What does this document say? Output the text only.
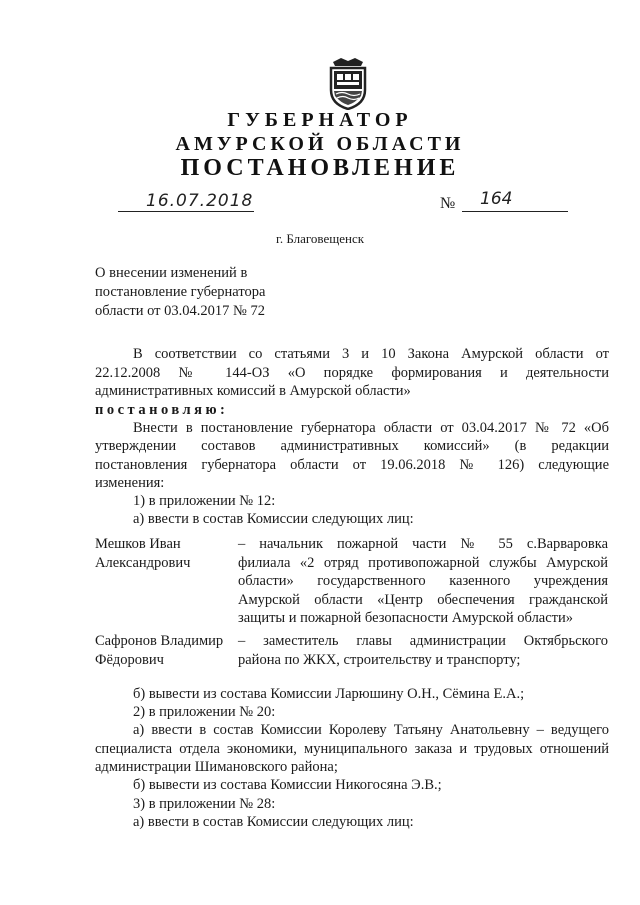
ГУБЕРНАТОР
АМУРСКОЙ ОБЛАСТИ
ПОСТАНОВЛЕНИЕ
16.07.2018	№ 164
г. Благовещенск
О внесении изменений в
постановление губернатора
области от 03.04.2017 № 72
В соответствии со статьями 3 и 10 Закона Амурской области от
22.12.2008 № 144-ОЗ «О порядке формирования и деятельности
административных комиссий в Амурской области»
постановляю:
Внести в постановление губернатора области от 03.04.2017 № 72 «Об
утверждении составов административных комиссий» (в редакции
постановления губернатора области от 19.06.2018 № 126) следующие
изменения:
1) в приложении № 12:
а) ввести в состав Комиссии следующих лиц:
Мешков Иван
Александрович
– начальник пожарной части № 55 с.Варваровка
филиала «2 отряд противопожарной службы Амурской
области» государственного казенного учреждения
Амурской области «Центр обеспечения гражданской
защиты и пожарной безопасности Амурской области»
Сафронов Владимир
Фёдорович
– заместитель главы администрации Октябрьского
района по ЖКХ, строительству и транспорту;
б) вывести из состава Комиссии Ларюшину О.Н., Сёмина Е.А.;
2) в приложении № 20:
а) ввести в состав Комиссии Королеву Татьяну Анатольевну – ведущего
специалиста отдела экономики, муниципального заказа и трудовых отношений
администрации Шимановского района;
б) вывести из состава Комиссии Никогосяна Э.В.;
3) в приложении № 28:
а) ввести в состав Комиссии следующих лиц:
